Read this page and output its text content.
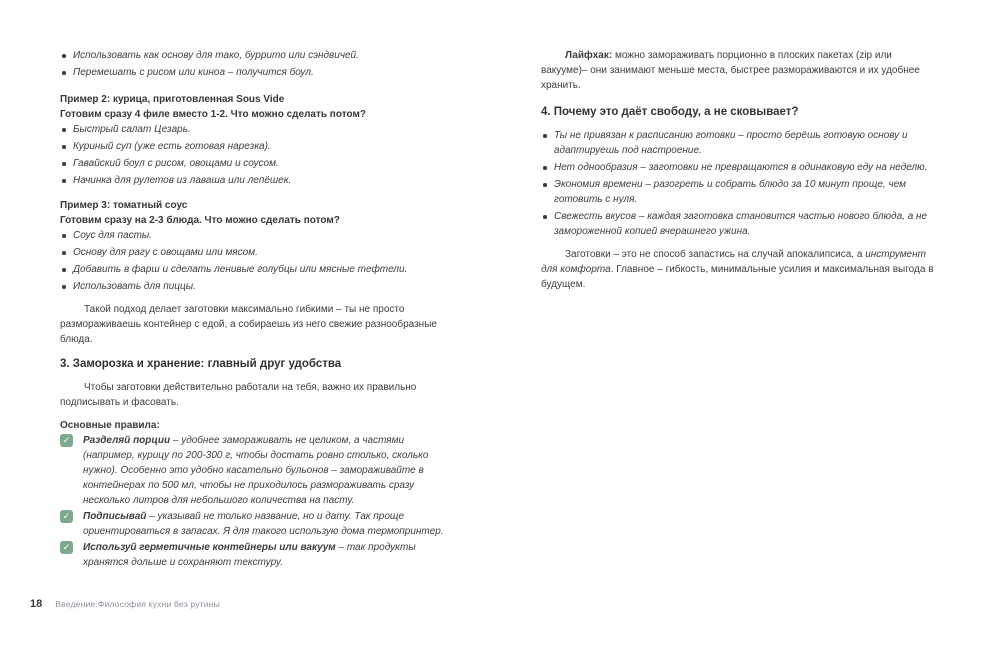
Использовать как основу для тако, буррито или сэндвичей.
Перемешать с рисом или киноа – получится боул.

Пример 2: курица, приготовленная Sous Vide

Готовим сразу 4 филе вместо 1-2. Что можно сделать потом?

Быстрый салат Цезарь.
Куриный суп (уже есть готовая нарезка).
Гавайский боул с рисом, овощами и соусом.
Начинка для рулетов из лаваша или лепёшек.

Пример 3: томатный соус

Готовим сразу на 2-3 блюда. Что можно сделать потом?

Соус для пасты.
Основу для рагу с овощами или мясом.
Добавить в фарш и сделать ленивые голубцы или мясные тефтели.
Использовать для пиццы.

Такой подход делает заготовки максимально гибкими – ты не просто размораживаешь контейнер с едой, а собираешь из него свежие разнообразные блюда.

3. Заморозка и хранение: главный друг удобства

Чтобы заготовки действительно работали на тебя, важно их правильно подписывать и фасовать.

Основные правила:

✓ Разделяй порции – удобнее замораживать не целиком, а частями (например, курицу по 200-300 г, чтобы достать ровно столько, сколько нужно). Особенно это удобно касательно бульонов – замораживайте в контейнерах по 500 мл, чтобы не приходилось размораживать сразу несколько литров для небольшого количества на пасту.
✓ Подписывай – указывай не только название, но и дату. Так проще ориентироваться в запасах. Я для такого использую дома термопринтер.
✓ Используй герметичные контейнеры или вакуум – так продукты хранятся дольше и сохраняют текстуру.

Лайфхак: можно замораживать порционно в плоских пакетах (zip или вакууме)– они занимают меньше места, быстрее размораживаются и их удобнее хранить.

4. Почему это даёт свободу, а не сковывает?
Ты не привязан к расписанию готовки – просто берёшь готовую основу и адаптируешь под настроение.
Нет однообразия – заготовки не превращаются в одинаковую еду на неделю.
Экономия времени – разогреть и собрать блюдо за 10 минут проще, чем готовить с нуля.
Свежесть вкусов – каждая заготовка становится частью нового блюда, а не замороженной копией вчерашнего ужина.

Заготовки – это не способ запастись на случай апокалипсиса, а инструмент для комфорта. Главное – гибкость, минимальные усилия и максимальная выгода в будущем.

18 Введение:Философия кухни без рутины
